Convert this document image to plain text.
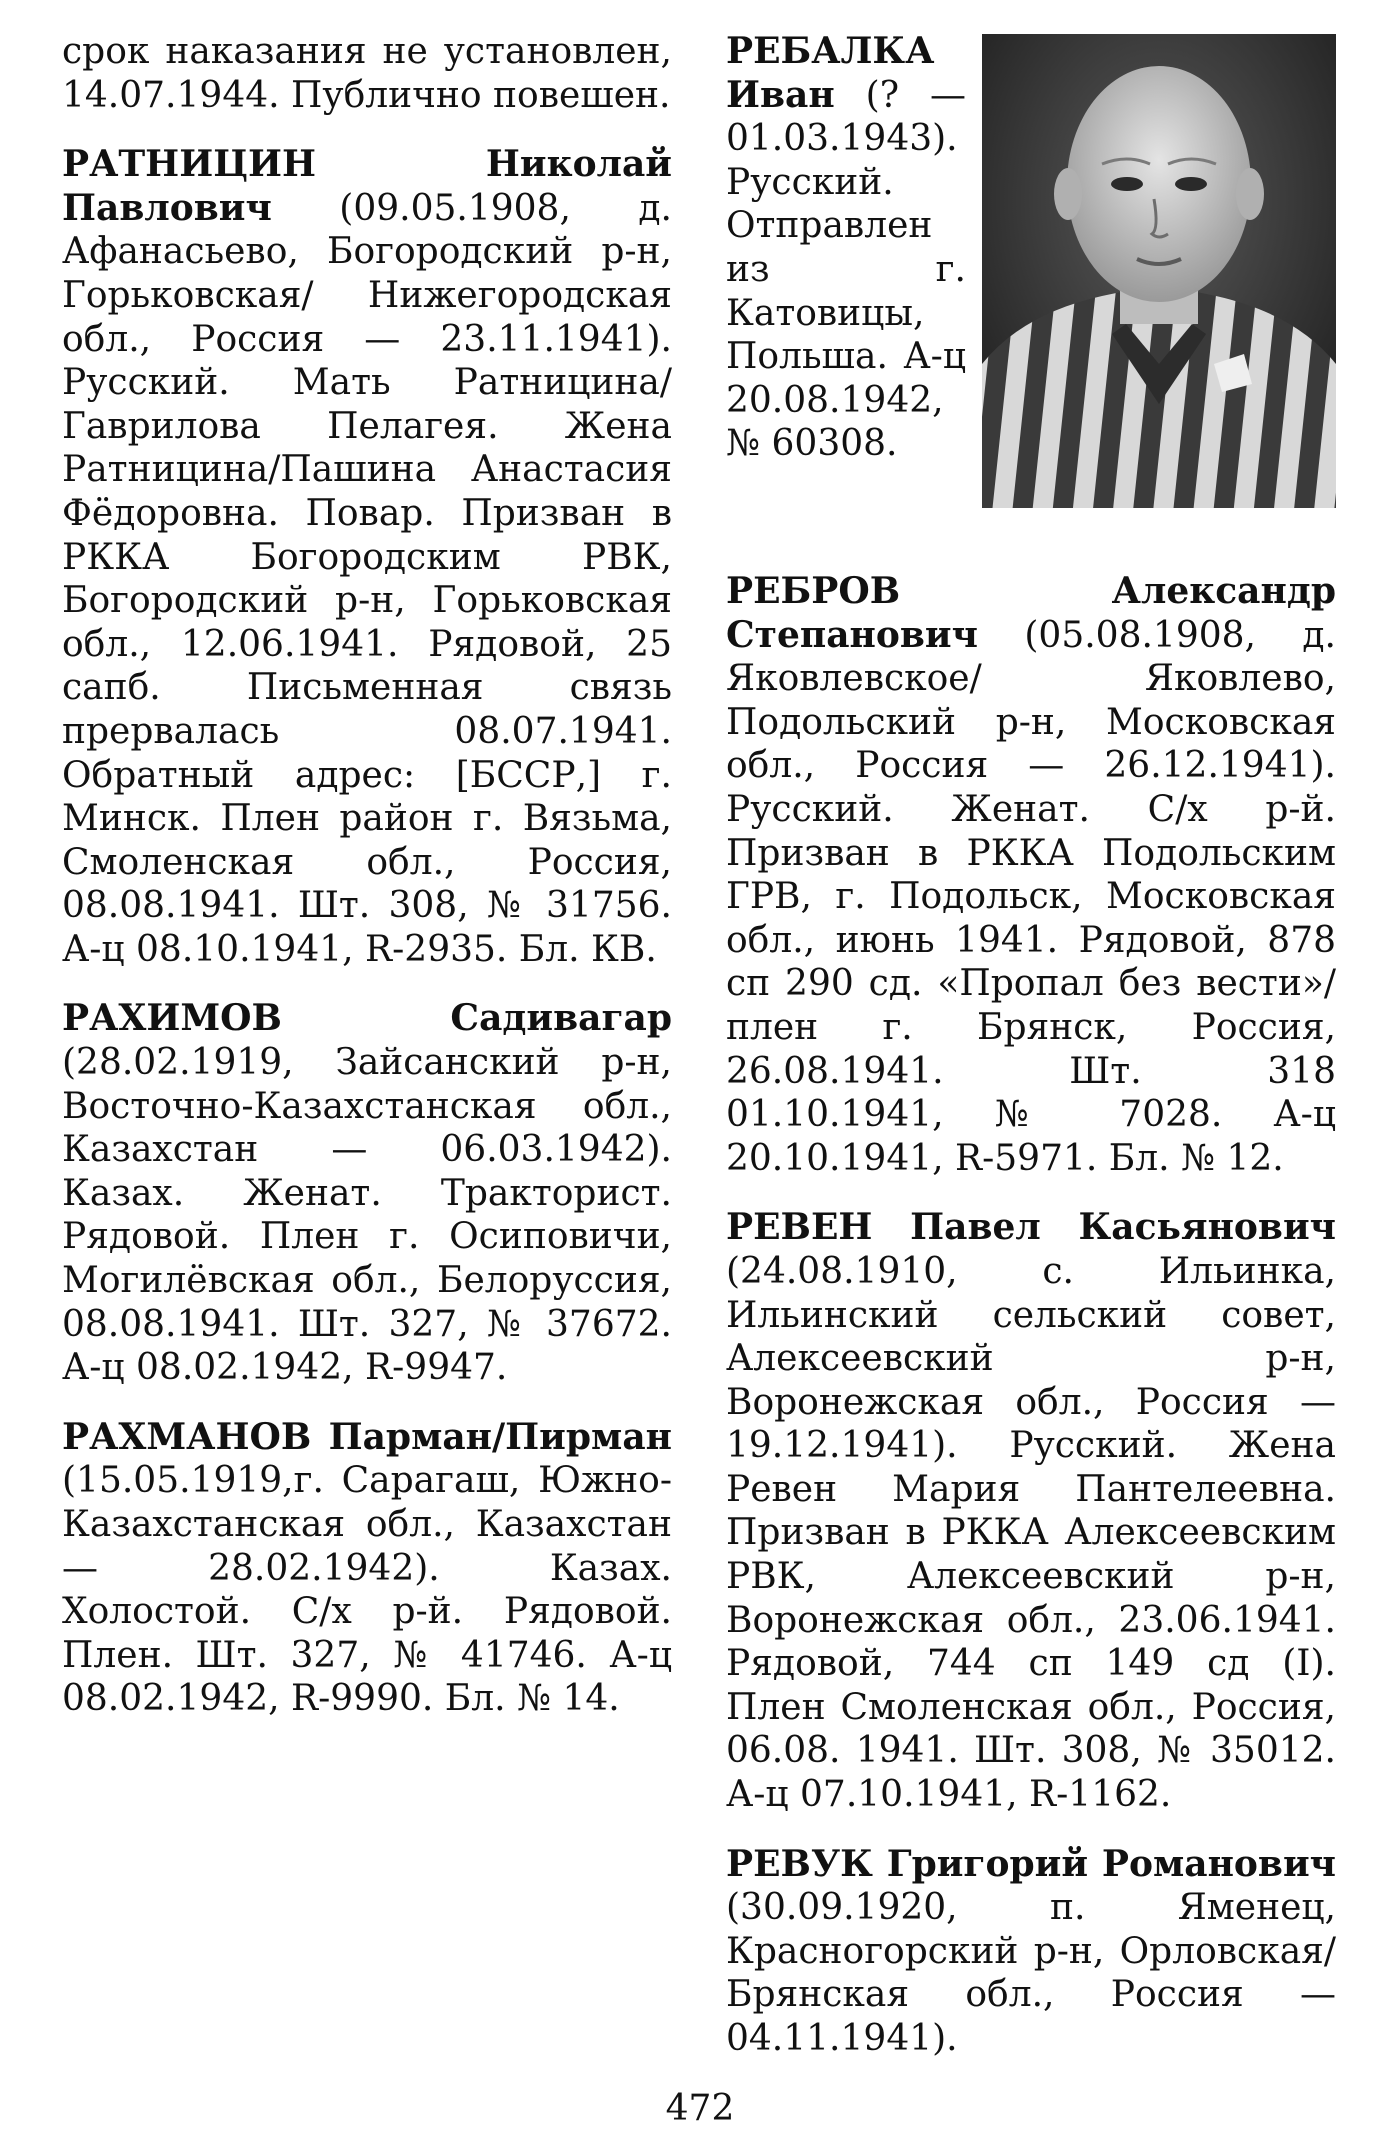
срок наказания не установлен, 14.07.1944. Публично повешен.

РАТНИЦИН Николай Павлович (09.05.1908, д. Афанасьево, Богородский р-н, Горьковская/ Нижегородская обл., Россия — 23.11.1941). Русский. Мать Ратницина/Гаврилова Пелагея. Жена Ратницина/Пашина Анастасия Фёдоровна. Повар. Призван в РККА Богородским РВК, Богородский р-н, Горьковская обл., 12.06.1941. Рядовой, 25 сапб. Письменная связь прервалась 08.07.1941. Обратный адрес: [БССР,] г. Минск. Плен район г. Вязьма, Смоленская обл., Россия, 08.08.1941. Шт. 308, № 31756. А-ц 08.10.1941, R-2935. Бл. КВ.

РАХИМОВ Садивагар (28.02.1919, Зайсанский р-н, Восточно-Казахстанская обл., Казахстан — 06.03.1942). Казах. Женат. Тракторист. Рядовой. Плен г. Осиповичи, Могилёвская обл., Белоруссия, 08.08.1941. Шт. 327, № 37672. А-ц 08.02.1942, R-9947.

РАХМАНОВ Парман/Пирман (15.05.1919,г. Сарагаш, Южно-Казахстанская обл., Казахстан — 28.02.1942). Казах. Холостой. С/х р-й. Рядовой. Плен. Шт. 327, № 41746. А-ц 08.02.1942, R-9990. Бл. № 14.

РЕБАЛКА Иван (? — 01.03.1943). Русский. Отправлен из г. Катовицы, Польша. А-ц 20.08.1942, № 60308.

РЕБРОВ Александр Степанович (05.08.1908, д. Яковлевское/ Яковлево, Подольский р-н, Московская обл., Россия — 26.12.1941). Русский. Женат. С/х р-й. Призван в РККА Подольским ГРВ, г. Подольск, Московская обл., июнь 1941. Рядовой, 878 сп 290 сд. «Пропал без вести»/плен г. Брянск, Россия, 26.08.1941. Шт. 318 01.10.1941, № 7028. А-ц 20.10.1941, R-5971. Бл. № 12.

РЕВЕН Павел Касьянович (24.08.1910, с. Ильинка, Ильинский сельский совет, Алексеевский р-н, Воронежская обл., Россия — 19.12.1941). Русский. Жена Ревен Мария Пантелеевна. Призван в РККА Алексеевским РВК, Алексеевский р-н, Воронежская обл., 23.06.1941. Рядовой, 744 сп 149 сд (I). Плен Смоленская обл., Россия, 06.08. 1941. Шт. 308, № 35012. А-ц 07.10.1941, R-1162.

РЕВУК Григорий Романович (30.09.1920, п. Яменец, Красногорский р-н, Орловская/Брянская обл., Россия — 04.11.1941).

472
